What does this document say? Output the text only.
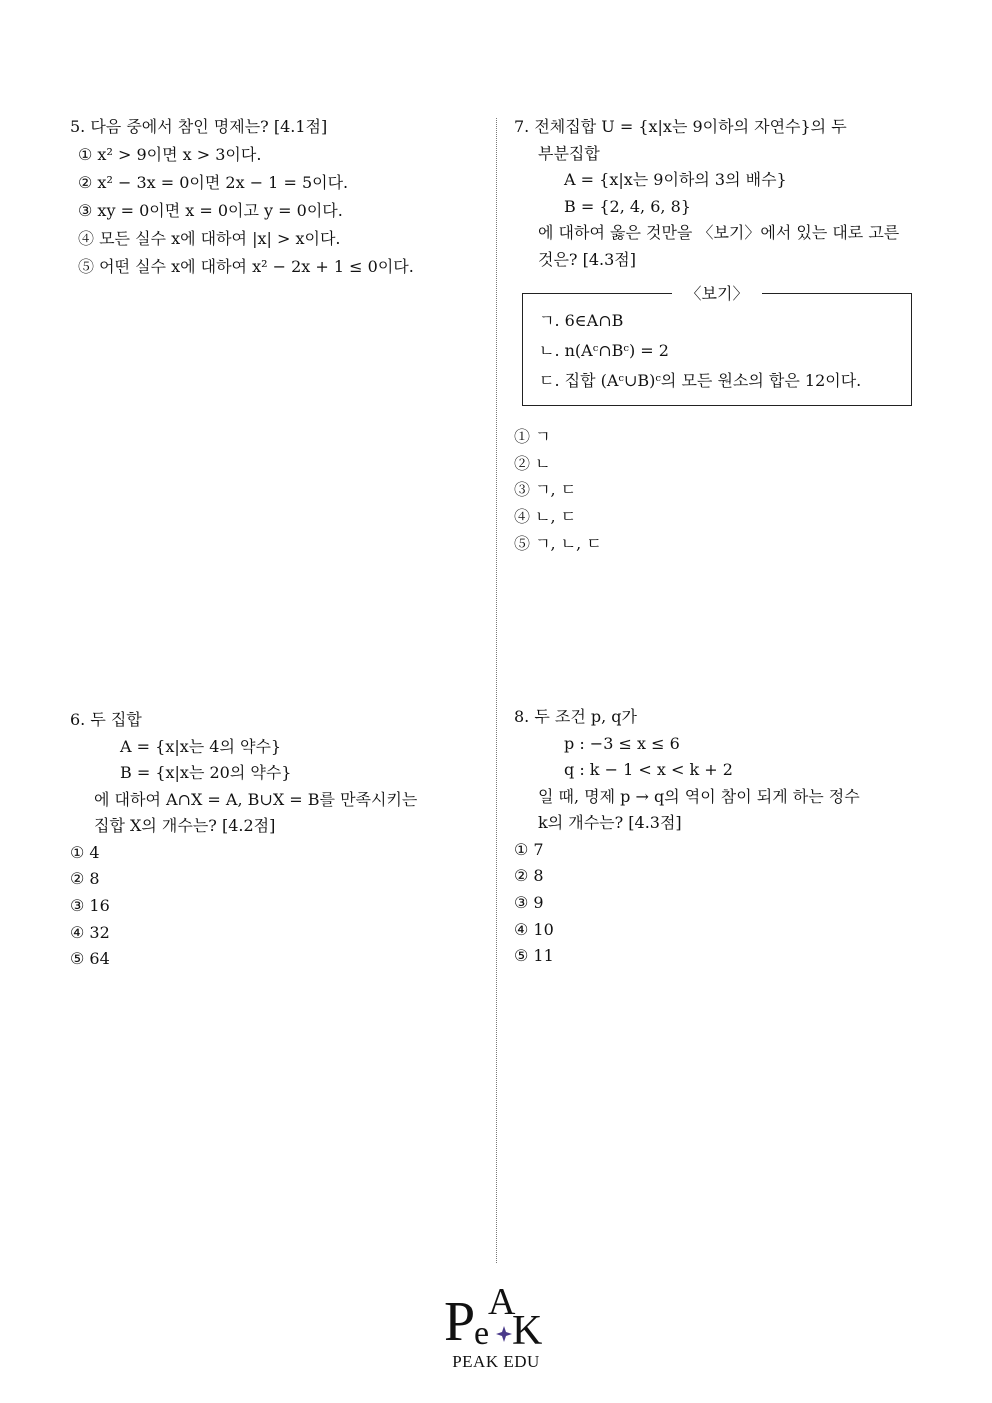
5. 다음 중에서 참인 명제는? [4.1점]
① x² > 9이면 x > 3이다.
② x² − 3x = 0이면 2x − 1 = 5이다.
③ xy = 0이면 x = 0이고 y = 0이다.
④ 모든 실수 x에 대하여 |x| > x이다.
⑤ 어떤 실수 x에 대하여 x² − 2x + 1 ≤ 0이다.
7. 전체집합 U = {x|x는 9이하의 자연수}의 두
부분집합
A = {x|x는 9이하의 3의 배수}
B = {2, 4, 6, 8}
에 대하여 옳은 것만을 〈보기〉에서 있는 대로 고른
것은? [4.3점]
〈보기〉
ㄱ. 6∈A∩B
ㄴ. n(Aᶜ∩Bᶜ) = 2
ㄷ. 집합 (Aᶜ∪B)ᶜ의 모든 원소의 합은 12이다.
① ㄱ
② ㄴ
③ ㄱ, ㄷ
④ ㄴ, ㄷ
⑤ ㄱ, ㄴ, ㄷ
6. 두 집합
A = {x|x는 4의 약수}
B = {x|x는 20의 약수}
에 대하여 A∩X = A, B∪X = B를 만족시키는
집합 X의 개수는? [4.2점]
① 4
② 8
③ 16
④ 32
⑤ 64
8. 두 조건 p, q가
p : −3 ≤ x ≤ 6
q : k − 1 < x < k + 2
일 때, 명제 p → q의 역이 참이 되게 하는 정수
k의 개수는? [4.3점]
① 7
② 8
③ 9
④ 10
⑤ 11
P
e
A
K
PEAK EDU
